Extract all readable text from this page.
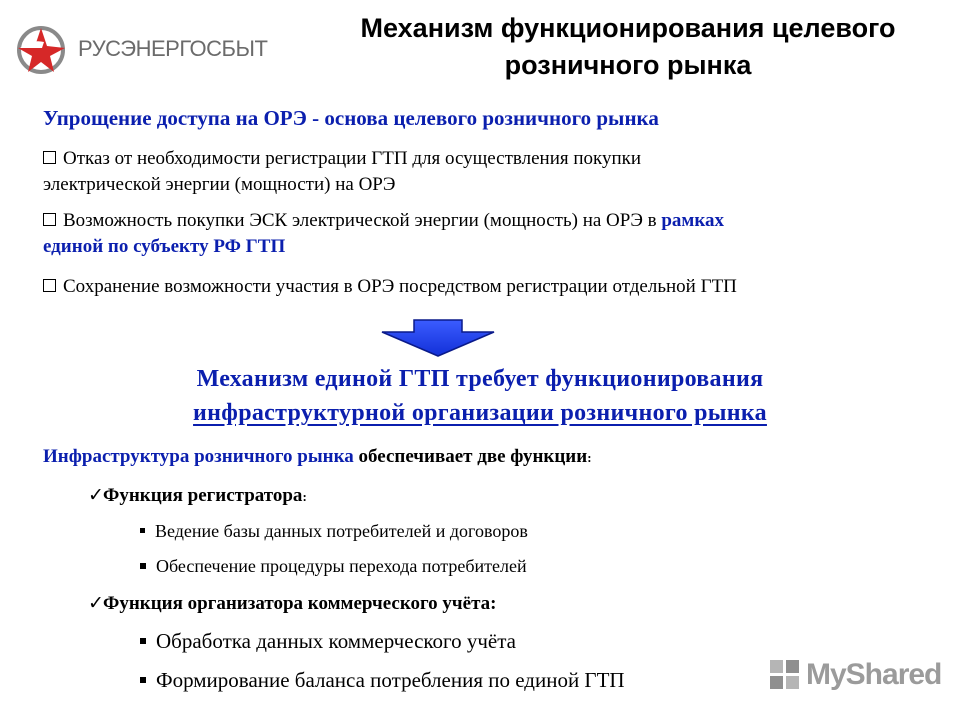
РУСЭНЕРГОСБЫТ
Механизм функционирования целевого
розничного рынка
Упрощение доступа на ОРЭ - основа целевого розничного рынка
Отказ от необходимости регистрации ГТП для осуществления покупки
электрической энергии (мощности) на ОРЭ
Возможность покупки ЭСК электрической энергии (мощность) на ОРЭ в рамках
единой по субъекту РФ ГТП
Сохранение возможности участия в ОРЭ посредством регистрации отдельной ГТП
Механизм единой ГТП требует функционирования
инфраструктурной организации розничного рынка
Инфраструктура розничного рынка обеспечивает две функции:
✓Функция регистратора:
Ведение базы данных потребителей и договоров
Обеспечение процедуры перехода потребителей
✓Функция организатора коммерческого учёта:
Обработка данных коммерческого учёта
Формирование баланса потребления по единой ГТП	MyShared
